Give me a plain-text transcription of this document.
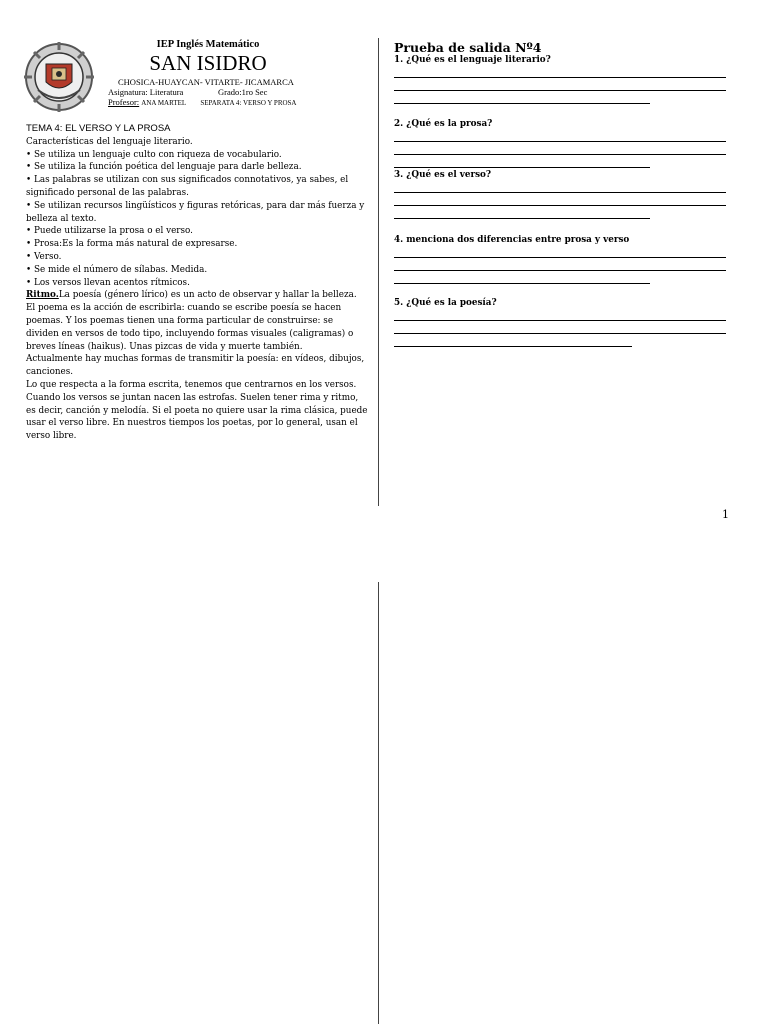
IEP Inglés Matemático
SAN ISIDRO
CHOSICA-HUAYCAN- VITARTE- JICAMARCA
Asignatura: Literatura	Grado:1ro Sec
Profesor: ANA MARTEL SEPARATA 4: VERSO Y PROSA

TEMA 4: EL VERSO Y LA PROSA

Características del lenguaje literario.

• Se utiliza un lenguaje culto con riqueza de vocabulario.

• Se utiliza la función poética del lenguaje para darle belleza.

• Las palabras se utilizan con sus significados connotativos, ya sabes, el significado personal de las palabras.

• Se utilizan recursos lingüísticos y figuras retóricas, para dar más fuerza y belleza al texto.

• Puede utilizarse la prosa o el verso.

• Prosa:Es la forma más natural de expresarse.

• Verso.

• Se mide el número de sílabas. Medida.

• Los versos llevan acentos rítmicos.

Ritmo.La poesía (género lírico) es un acto de observar y hallar la belleza. El poema es la acción de escribirla: cuando se escribe poesía se hacen poemas. Y los poemas tienen una forma particular de construirse: se dividen en versos de todo tipo, incluyendo formas visuales (caligramas) o breves líneas (haikus). Unas pizcas de vida y muerte también.

Actualmente hay muchas formas de transmitir la poesía: en vídeos, dibujos, canciones.

Lo que respecta a la forma escrita, tenemos que centrarnos en los versos. Cuando los versos se juntan nacen las estrofas. Suelen tener rima y ritmo, es decir, canción y melodía. Si el poeta no quiere usar la rima clásica, puede usar el verso libre. En nuestros tiempos los poetas, por lo general, usan el verso libre.

Prueba de salida Nº4
1. ¿Qué es el lenguaje literario?
2. ¿Qué es la prosa?
3. ¿Qué es el verso?
4. menciona dos diferencias entre prosa y verso
5. ¿Qué es la poesía?
1
